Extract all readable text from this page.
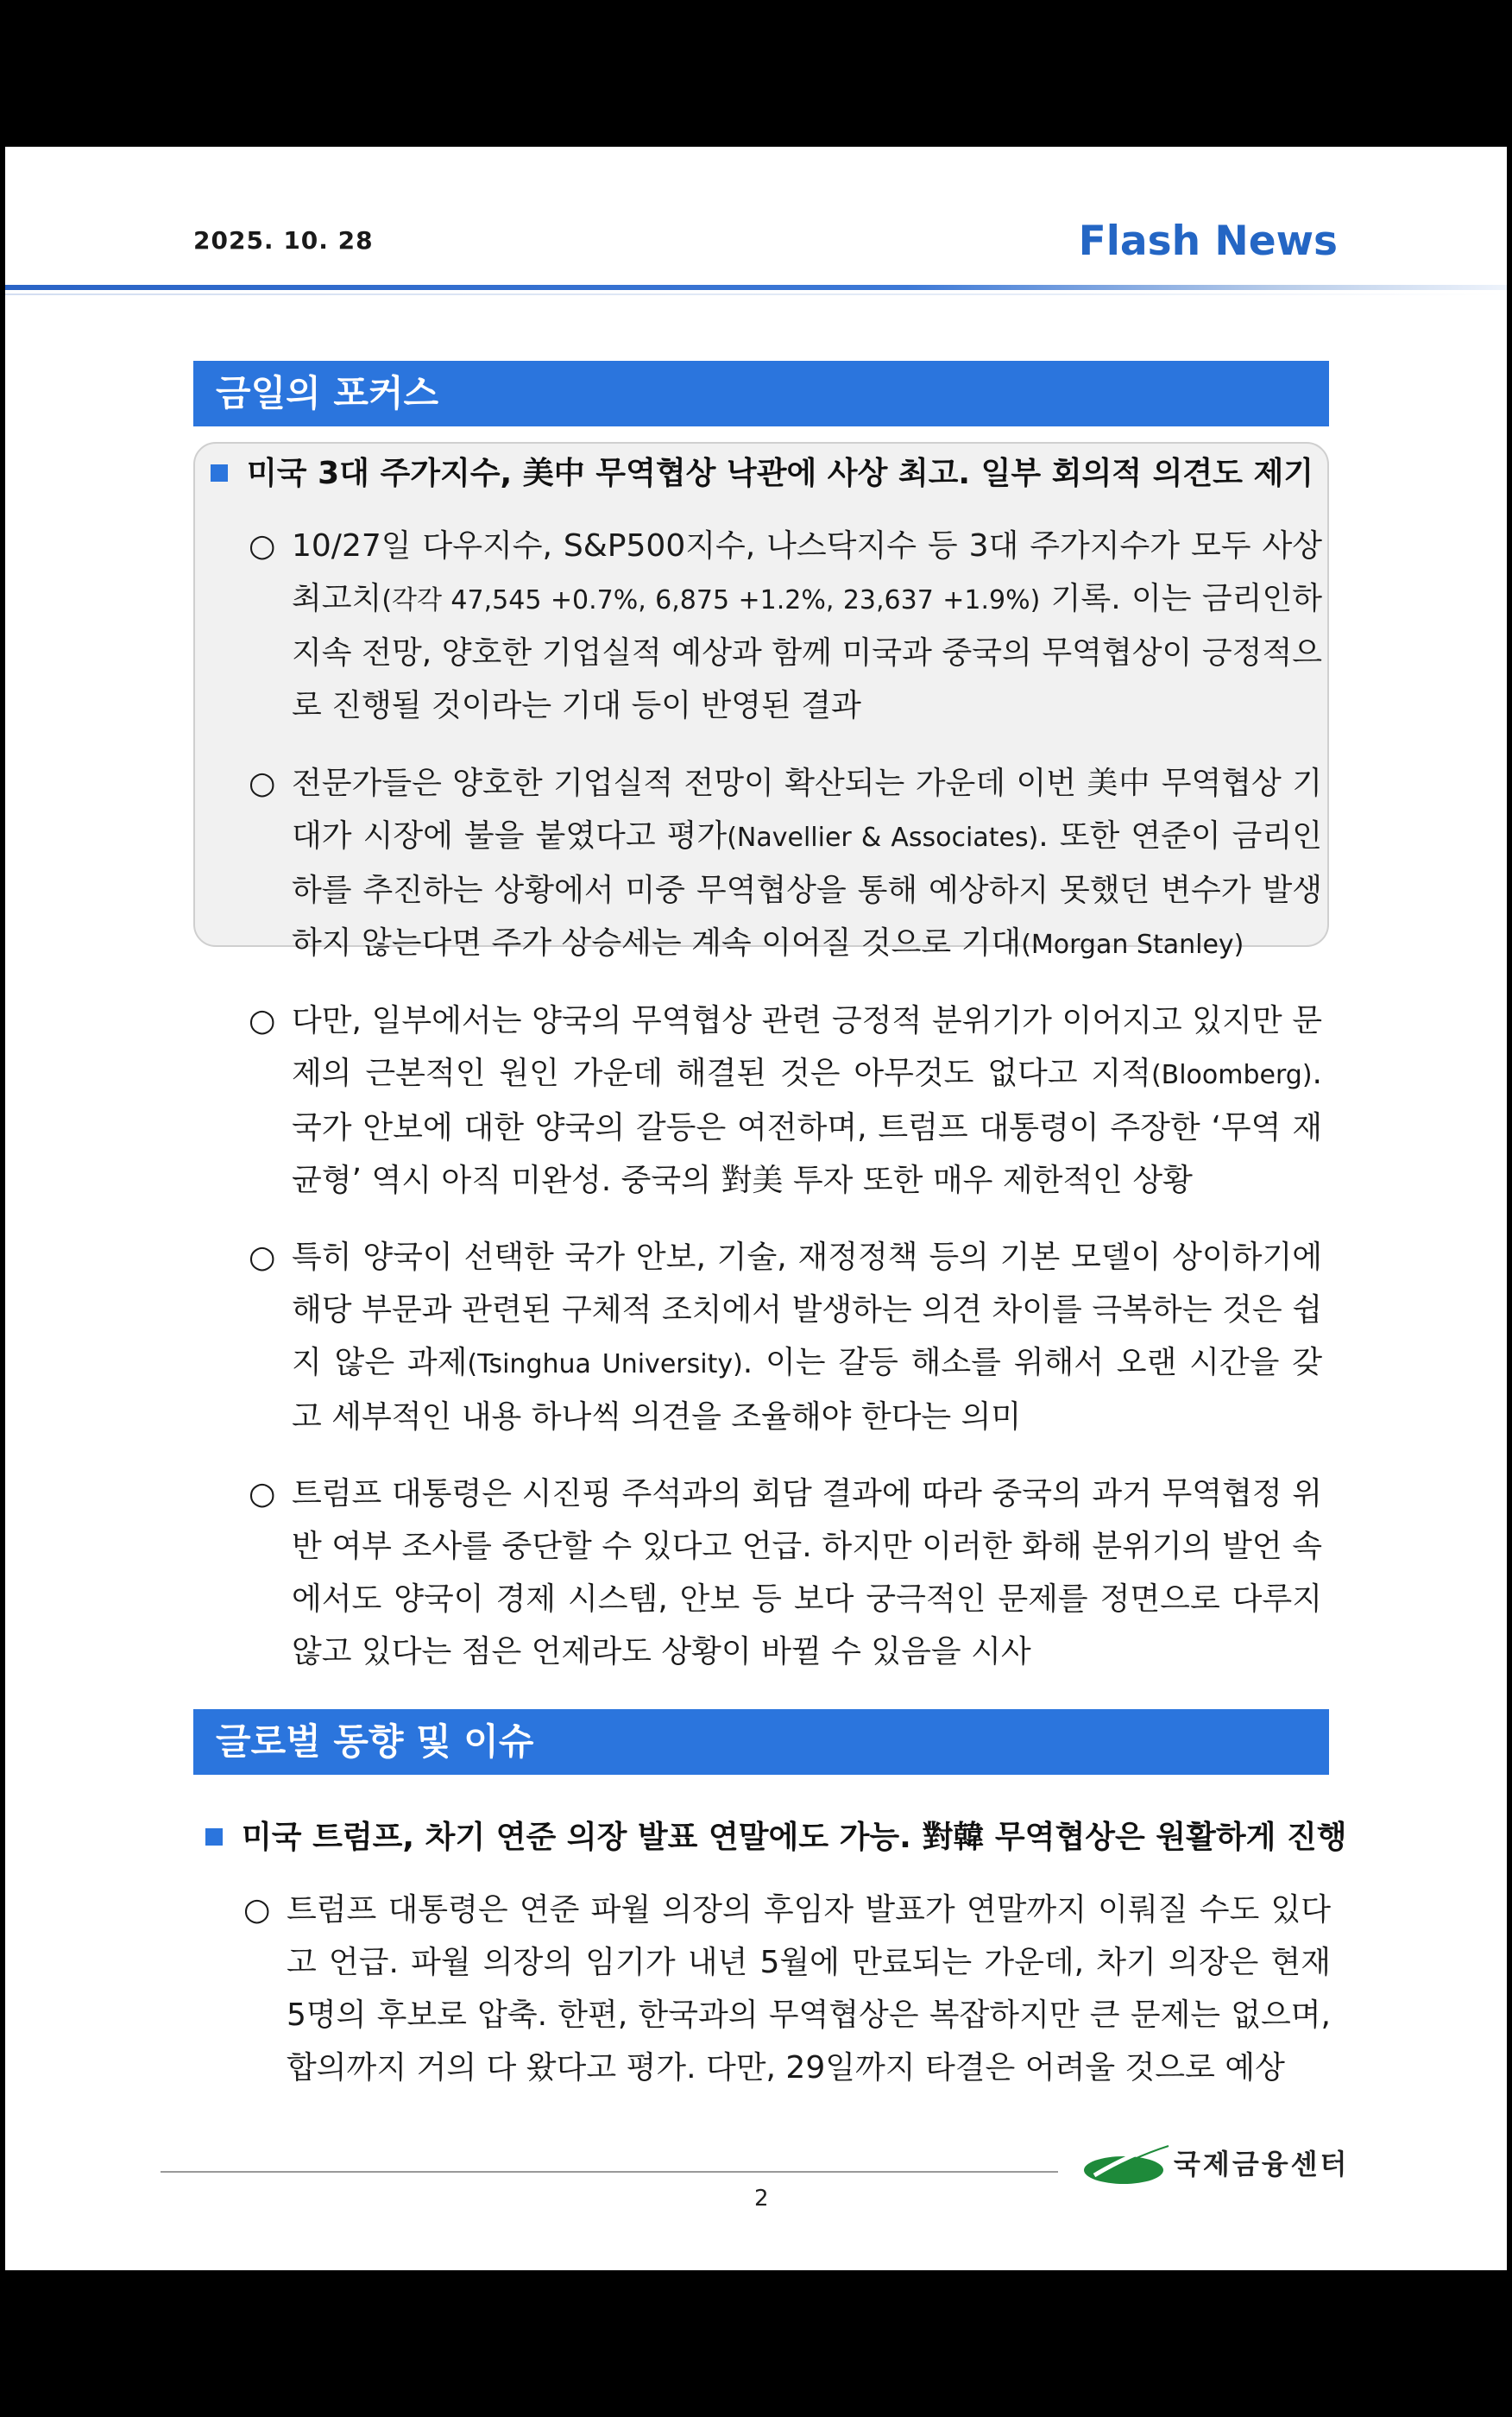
2025. 10. 28	Flash News
금일의 포커스
미국 3대 주가지수, 美中 무역협상 낙관에 사상 최고. 일부 회의적 의견도 제기
○ 10/27일 다우지수, S&P500지수, 나스닥지수 등 3대 주가지수가 모두 사상 최고치(각각 47,545 +0.7%, 6,875 +1.2%, 23,637 +1.9%) 기록. 이는 금리인하 지속 전망, 양호한 기업실적 예상과 함께 미국과 중국의 무역협상이 긍정적으로 진행될 것이라는 기대 등이 반영된 결과
○ 전문가들은 양호한 기업실적 전망이 확산되는 가운데 이번 美中 무역협상 기대가 시장에 불을 붙였다고 평가(Navellier & Associates). 또한 연준이 금리인하를 추진하는 상황에서 미중 무역협상을 통해 예상하지 못했던 변수가 발생하지 않는다면 주가 상승세는 계속 이어질 것으로 기대(Morgan Stanley)
○ 다만, 일부에서는 양국의 무역협상 관련 긍정적 분위기가 이어지고 있지만 문제의 근본적인 원인 가운데 해결된 것은 아무것도 없다고 지적(Bloomberg). 국가 안보에 대한 양국의 갈등은 여전하며, 트럼프 대통령이 주장한 ‘무역 재균형’ 역시 아직 미완성. 중국의 對美 투자 또한 매우 제한적인 상황
○ 특히 양국이 선택한 국가 안보, 기술, 재정정책 등의 기본 모델이 상이하기에 해당 부문과 관련된 구체적 조치에서 발생하는 의견 차이를 극복하는 것은 쉽지 않은 과제(Tsinghua University). 이는 갈등 해소를 위해서 오랜 시간을 갖고 세부적인 내용 하나씩 의견을 조율해야 한다는 의미
○ 트럼프 대통령은 시진핑 주석과의 회담 결과에 따라 중국의 과거 무역협정 위반 여부 조사를 중단할 수 있다고 언급. 하지만 이러한 화해 분위기의 발언 속에서도 양국이 경제 시스템, 안보 등 보다 궁극적인 문제를 정면으로 다루지 않고 있다는 점은 언제라도 상황이 바뀔 수 있음을 시사
글로벌 동향 및 이슈
미국 트럼프, 차기 연준 의장 발표 연말에도 가능. 對韓 무역협상은 원활하게 진행
○ 트럼프 대통령은 연준 파월 의장의 후임자 발표가 연말까지 이뤄질 수도 있다고 언급. 파월 의장의 임기가 내년 5월에 만료되는 가운데, 차기 의장은 현재 5명의 후보로 압축. 한편, 한국과의 무역협상은 복잡하지만 큰 문제는 없으며, 합의까지 거의 다 왔다고 평가. 다만, 29일까지 타결은 어려울 것으로 예상
2
국제금융센터
